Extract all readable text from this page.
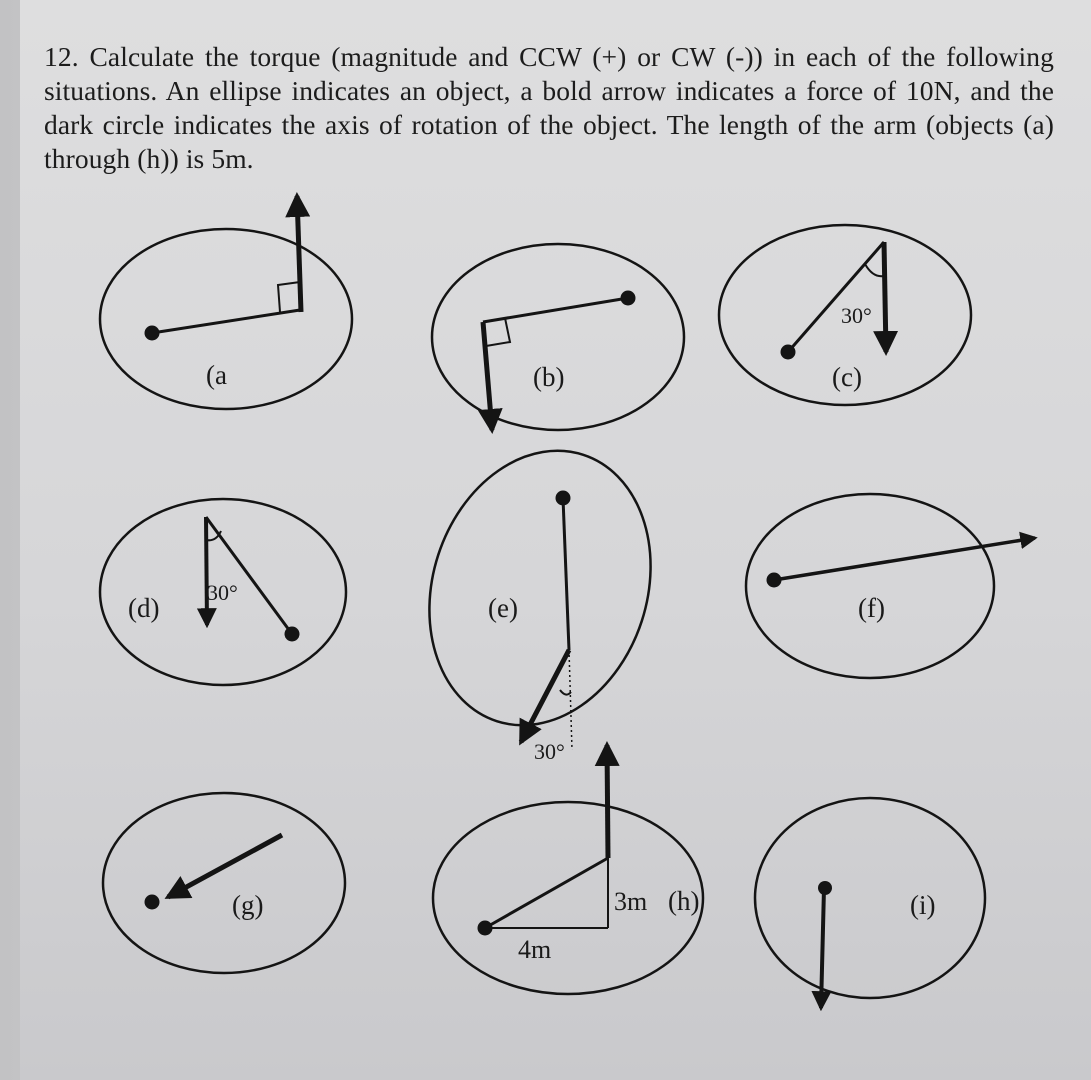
12. Calculate the torque (magnitude and CCW (+) or CW (-)) in each of the following situations. An ellipse indicates an object, a bold arrow indicates a force of 10N, and the dark circle indicates the axis of rotation of the object. The length of the arm (objects (a) through (h)) is 5m.
(a	(b)
30°
(c)
30°
(d)
30°
(e)	(f)
(g)	3m
4m
(h)	(i)
